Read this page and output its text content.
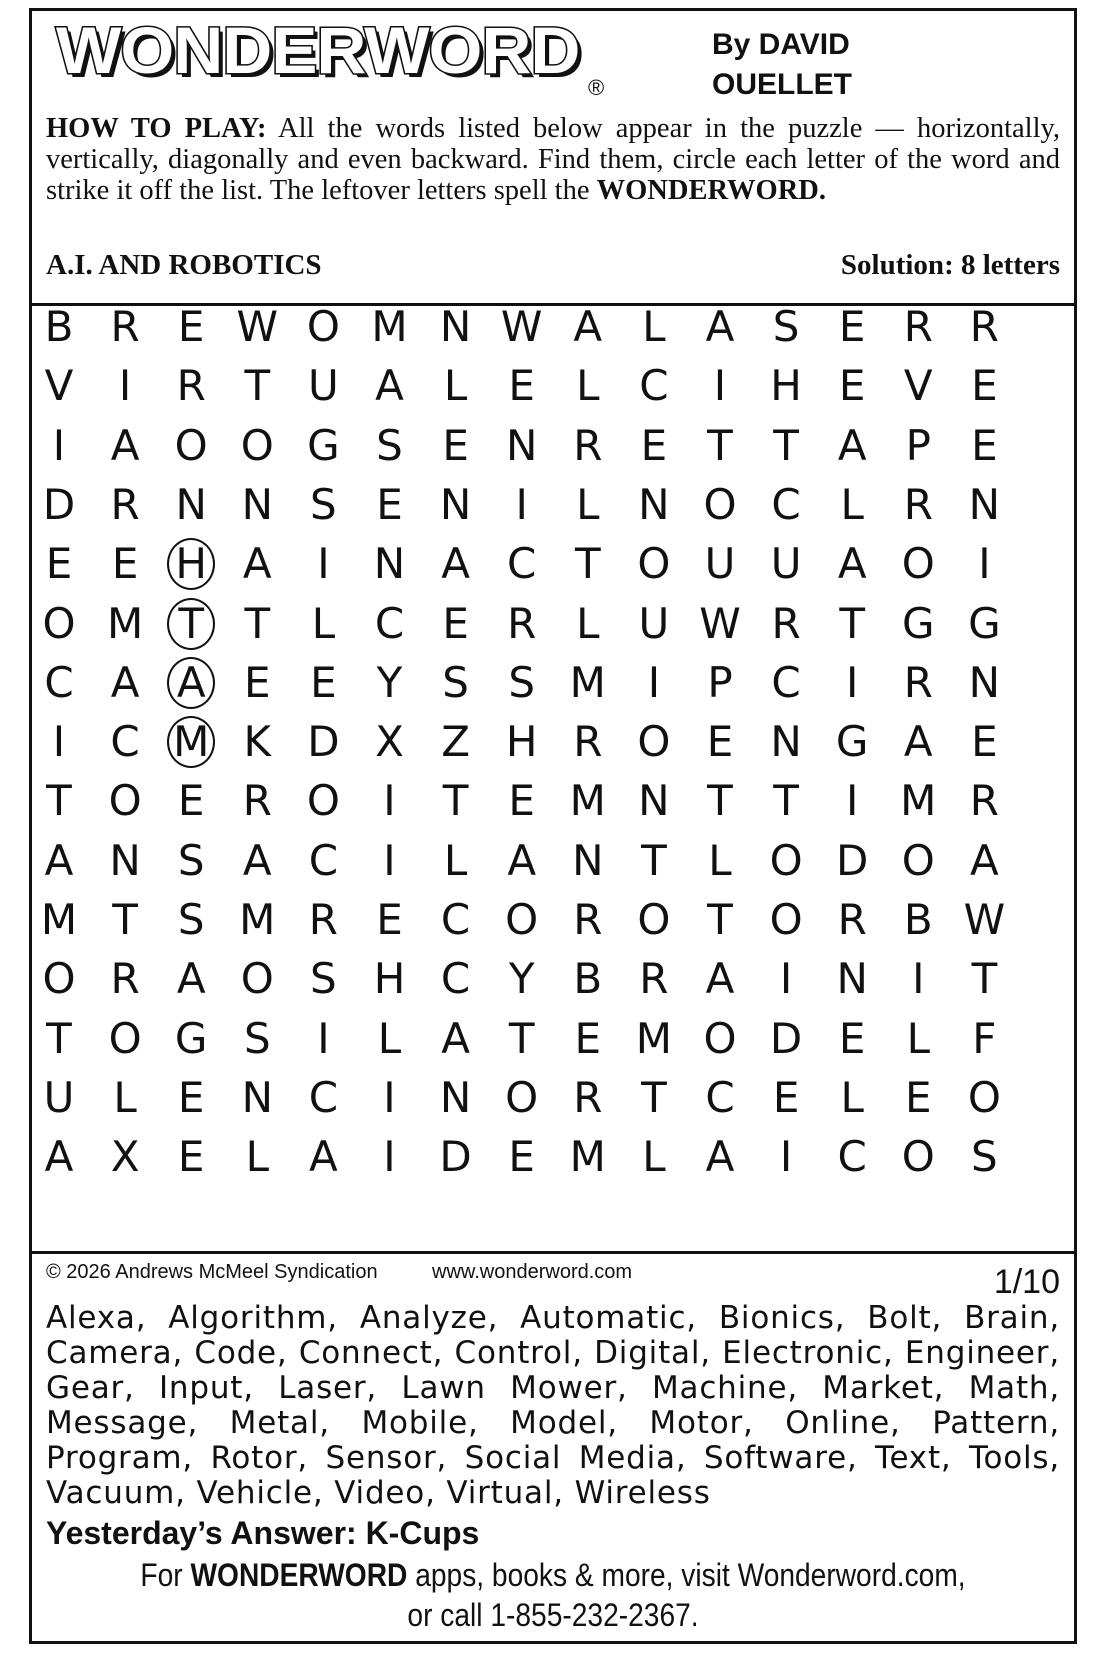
WONDERWORD
®
By DAVID
OUELLET
HOW TO PLAY: All the words listed below appear in the puzzle — horizontally, vertically, diagonally and even backward. Find them, circle each letter of the word and strike it off the list. The leftover letters spell the WONDERWORD.
A.I. AND ROBOTICS	Solution: 8 letters
B R E W O M N W A L A S E R R
V	I	R T U A L E L C	I	H E V E
I	A O O G S E N R E T T A P E
D R N N S E N	I	L N O C L R N
E E H A	I	N A C T O U U A O	I
O M T T L C E R L U W R T G G
C A A E E Y S S M I	P C	I	R N
I	C M K D X Z H R O E N G A E
T O E R O	I	T E M N T T	I M R
A N S A C	I	L A N T L O D O A
M T S M R E C O R O T O R B W
O R A O S H C Y B R A	I	N	I	T
T O G S	I	L A T E M O D E L	F
U L E N C	I	N O R T C E L E O
A X E L A	I	D E M L A	I	C O S
© 2026 Andrews McMeel Syndication	www.wonderword.com	1/10
Alexa, Algorithm, Analyze, Automatic, Bionics, Bolt, Brain, Camera, Code, Connect, Control, Digital, Electronic, Engineer, Gear, Input, Laser, Lawn Mower, Machine, Market, Math, Message, Metal, Mobile, Model, Motor, Online, Pattern, Program, Rotor, Sensor, Social Media, Software, Text, Tools, Vacuum, Vehicle, Video, Virtual, Wireless
Yesterday’s Answer: K-Cups
For WONDERWORD apps, books & more, visit Wonderword.com,
or call 1-855-232-2367.
